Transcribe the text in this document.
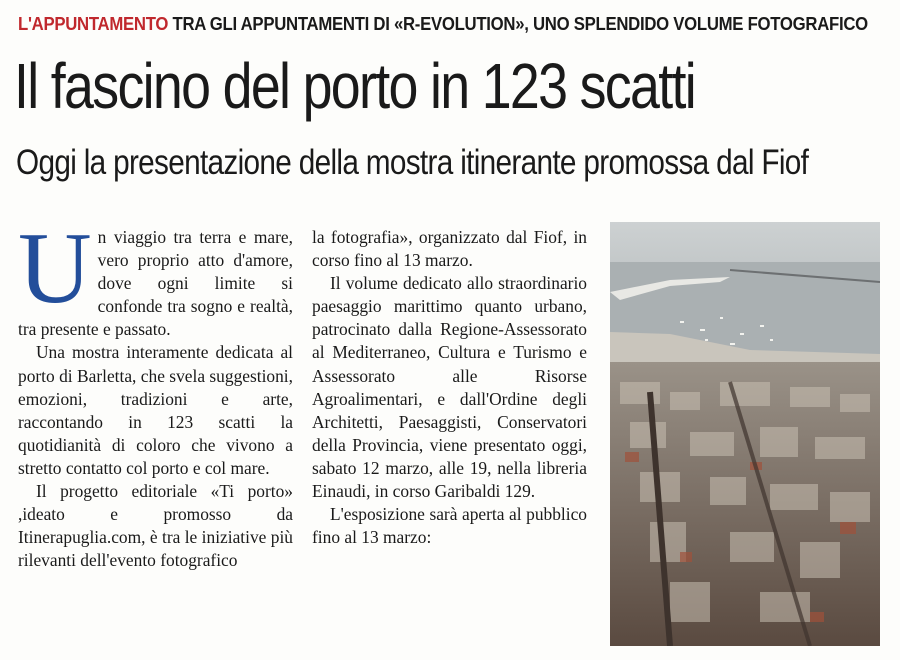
L'APPUNTAMENTO TRA GLI APPUNTAMENTI DI «R-EVOLUTION», UNO SPLENDIDO VOLUME FOTOGRAFICO
Il fascino del porto in 123 scatti
Oggi la presentazione della mostra itinerante promossa dal Fiof

Un viaggio tra terra e mare, vero proprio atto d'amore, dove ogni limite si confonde tra sogno e realtà, tra presente e passato.

Una mostra interamente dedicata al porto di Barletta, che svela suggestioni, emozioni, tradizioni e arte, raccontando in 123 scatti la quotidianità di coloro che vivono a stretto contatto col porto e col mare.

Il progetto editoriale «Ti porto» ,ideato e promosso da Itinerapuglia.com, è tra le iniziative più rilevanti dell'evento fotografico

la fotografia», organizzato dal Fiof, in corso fino al 13 marzo.

Il volume dedicato allo straordinario paesaggio marittimo quanto urbano, patrocinato dalla Regione-Assessorato al Mediterraneo, Cultura e Turismo e Assessorato alle Risorse Agroalimentari, e dall'Ordine degli Architetti, Paesaggisti, Conservatori della Provincia, viene presentato oggi, sabato 12 marzo, alle 19, nella libreria Einaudi, in corso Garibaldi 129.

L'esposizione sarà aperta al pubblico fino al 13 marzo:
